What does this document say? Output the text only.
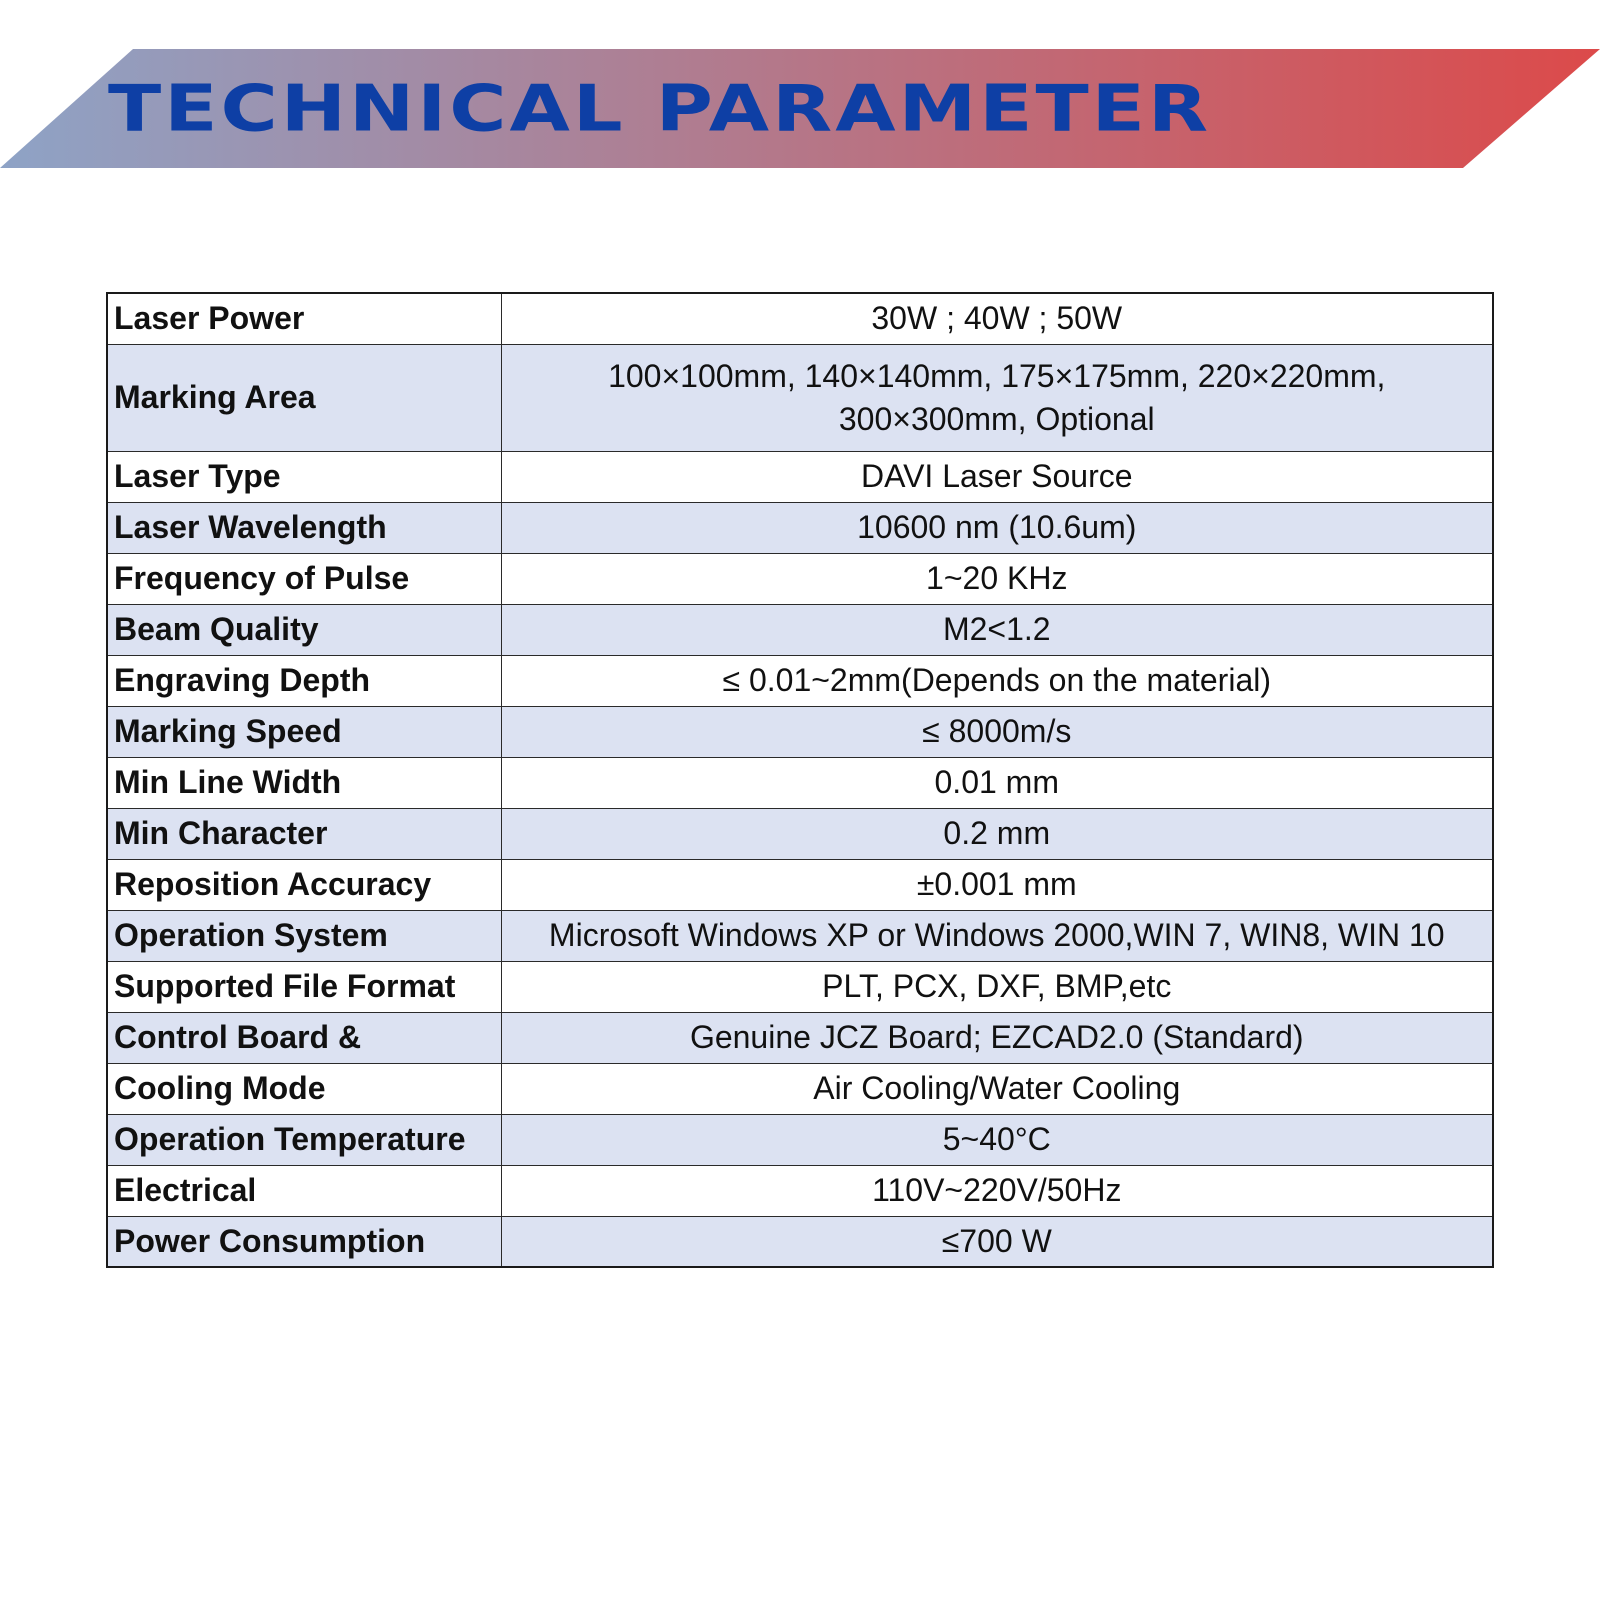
TECHNICAL PARAMETER
Laser Power	30W ; 40W ; 50W

Marking Area	100×100mm, 140×140mm, 175×175mm, 220×220mm,
300×300mm, Optional

Laser Type	DAVI Laser Source

Laser Wavelength	10600 nm (10.6um)

Frequency of Pulse	1~20 KHz

Beam Quality	M2<1.2

Engraving Depth	≤ 0.01~2mm(Depends on the material)

Marking Speed	≤ 8000m/s

Min Line Width	0.01 mm

Min Character	0.2 mm

Reposition Accuracy	±0.001 mm

Operation System	Microsoft Windows XP or Windows 2000,WIN 7, WIN8, WIN 10

Supported File Format	PLT, PCX, DXF, BMP,etc

Control Board &	Genuine JCZ Board; EZCAD2.0 (Standard)

Cooling Mode	Air Cooling/Water Cooling

Operation Temperature	5~40°C

Electrical	110V~220V/50Hz

Power Consumption	≤700 W
